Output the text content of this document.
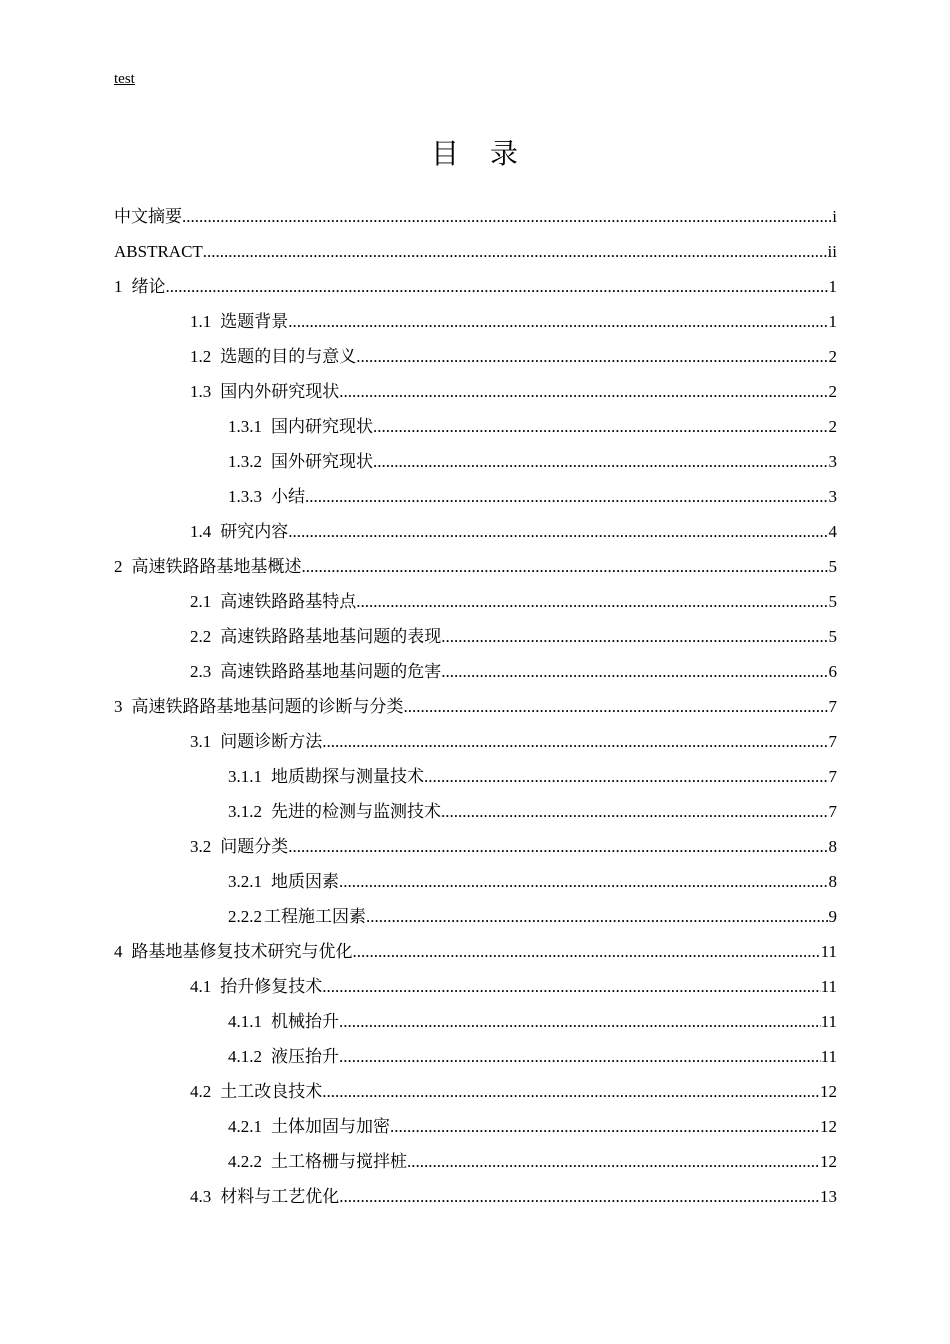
test
目 录
中文摘要 .....	i
ABSTRACT .....	ii
1 绪论 .....	1
1.1 选题背景 .....	1
1.2 选题的目的与意义 .....	2
1.3 国内外研究现状 .....	2
1.3.1 国内研究现状 .....	2
1.3.2 国外研究现状 .....	3
1.3.3 小结 .....	3
1.4 研究内容 .....	4
2 高速铁路路基地基概述 .....	5
2.1 高速铁路路基特点 .....	5
2.2 高速铁路路基地基问题的表现 .....	5
2.3 高速铁路路基地基问题的危害 .....	6
3 高速铁路路基地基问题的诊断与分类 .....	7
3.1 问题诊断方法 .....	7
3.1.1 地质勘探与测量技术 .....	7
3.1.2 先进的检测与监测技术 .....	7
3.2 问题分类 .....	8
3.2.1 地质因素 .....	8
2.2.2 工程施工因素 .....	9
4 路基地基修复技术研究与优化 .....	11
4.1 抬升修复技术 .....	11
4.1.1 机械抬升 .....	11
4.1.2 液压抬升 .....	11
4.2 土工改良技术 .....	12
4.2.1 土体加固与加密 .....	12
4.2.2 土工格栅与搅拌桩 .....	12
4.3 材料与工艺优化 .....	13
